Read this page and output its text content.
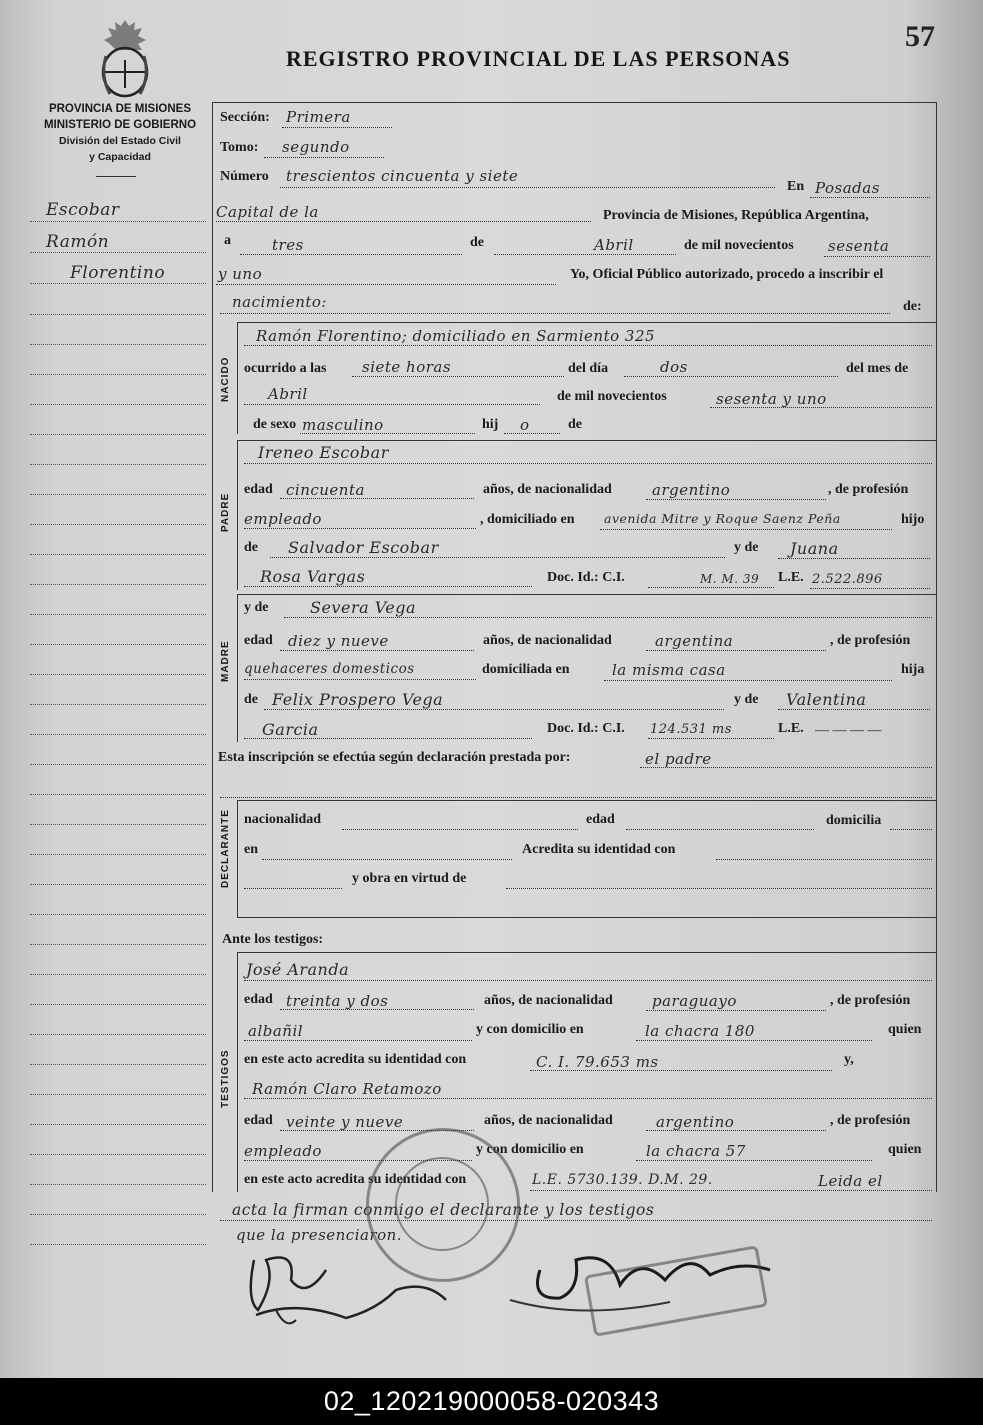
PROVINCIA DE MISIONES
MINISTERIO DE GOBIERNO
División del Estado Civil
y Capacidad
REGISTRO PROVINCIAL DE LAS PERSONAS
57
Escobar
Ramón
Florentino
Sección: Primera
Tomo: segundo
Número trescientos cincuenta y siete
En Posadas
Capital de la	Provincia de Misiones, República Argentina,
a	tres	de	Abril	de mil novecientos sesenta
y uno	Yo, Oficial Público autorizado, procedo a inscribir el
nacimiento:	de:
NACIDO
Ramón Florentino; domiciliado en Sarmiento 325
ocurrido a las siete horas	del día	dos	del mes de
Abril	de mil novecientos	sesenta y uno
de sexo masculino	hij o	de
PADRE
Ireneo Escobar
edad cincuenta	años, de nacionalidad	argentino	, de profesión
empleado	, domiciliado en avenida Mitre y Roque Saenz Peña	hijo
de Salvador Escobar	y de Juana
Rosa Vargas	Doc. Id.: C.I.	M. M. 39 L.E. 2.522.896
MADRE
y de	Severa Vega
edad diez y nueve	años, de nacionalidad	argentina	, de profesión
quehaceres domesticos	domiciliada en	la misma casa	hija
de Felix Prospero Vega	y de Valentina
Garcia	Doc. Id.: C.I. 124.531 ms	L.E. — — — —
Esta inscripción se efectúa según declaración prestada por:	el padre
DECLARANTE nacionalidad	edad	domicilia
en	Acredita su identidad con
y obra en virtud de
Ante los testigos:
TESTIGOS
José Aranda
edad treinta y dos	años, de nacionalidad	paraguayo	, de profesión
albañil	y con domicilio en	la chacra 180	quien
en este acto acredita su identidad con	C. I. 79.653 ms	y,
Ramón Claro Retamozo
edad veinte y nueve	años, de nacionalidad	argentino	, de profesión
empleado	y con domicilio en	la chacra 57	quien
en este acto acredita su identidad con	L.E. 5730.139. D.M. 29.	Leida el
acta la firman conmigo el declarante y los testigos
que la presenciaron.
02_120219000058-020343
